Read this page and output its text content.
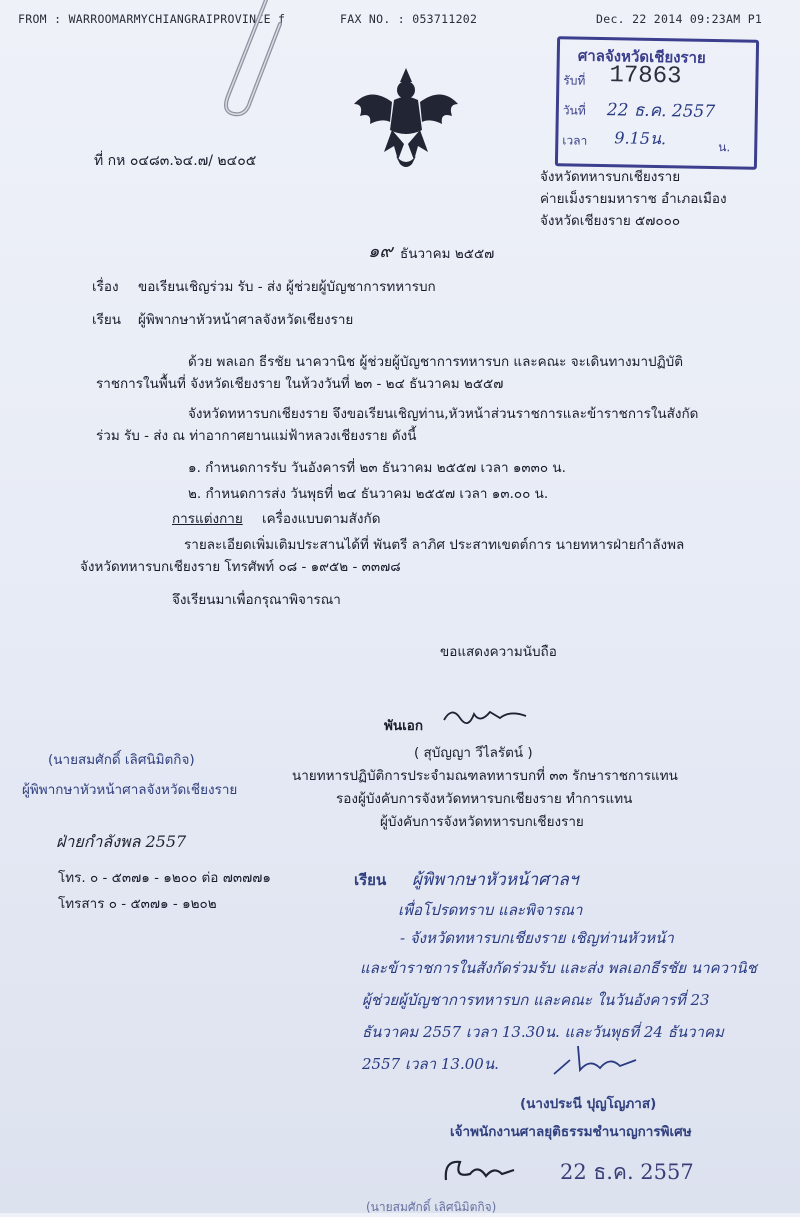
FROM : WARROOMARMYCHIANGRAIPROVINCE f	FAX NO. : 053711202	Dec. 22 2014 09:23AM P1
ศาลจังหวัดเชียงราย
รับที่ 17863
วันที่ 22 ธ.ค. 2557
เวลา 9.15น.	น.
ที่ กห ๐๔๘๓.๖๔.๗/ ๒๔๐๕
จังหวัดทหารบกเชียงราย
ค่ายเม็งรายมหาราช อำเภอเมือง
จังหวัดเชียงราย ๕๗๐๐๐
๑๙ ธันวาคม ๒๕๕๗
เรื่อง ขอเรียนเชิญร่วม รับ - ส่ง ผู้ช่วยผู้บัญชาการทหารบก
เรียน ผู้พิพากษาหัวหน้าศาลจังหวัดเชียงราย
ด้วย พลเอก ธีรชัย นาควานิช ผู้ช่วยผู้บัญชาการทหารบก และคณะ จะเดินทางมาปฏิบัติ
ราชการในพื้นที่ จังหวัดเชียงราย ในห้วงวันที่ ๒๓ - ๒๔ ธันวาคม ๒๕๕๗
จังหวัดทหารบกเชียงราย จึงขอเรียนเชิญท่าน,หัวหน้าส่วนราชการและข้าราชการในสังกัด
ร่วม รับ - ส่ง ณ ท่าอากาศยานแม่ฟ้าหลวงเชียงราย ดังนี้
๑. กำหนดการรับ วันอังคารที่ ๒๓ ธันวาคม ๒๕๕๗ เวลา ๑๓๓๐ น.
๒. กำหนดการส่ง วันพุธที่ ๒๔ ธันวาคม ๒๕๕๗ เวลา ๑๓.๐๐ น.
การแต่งกาย เครื่องแบบตามสังกัด
รายละเอียดเพิ่มเติมประสานได้ที่ พันตรี ลาภิศ ประสาทเขตต์การ นายทหารฝ่ายกำลังพล
จังหวัดทหารบกเชียงราย โทรศัพท์ ๐๘ - ๑๙๕๒ - ๓๓๗๘
จึงเรียนมาเพื่อกรุณาพิจารณา
ขอแสดงความนับถือ
พันเอก
( สุบัญญา วีไลรัตน์ )
นายทหารปฏิบัติการประจำมณฑลทหารบกที่ ๓๓ รักษาราชการแทน
รองผู้บังคับการจังหวัดทหารบกเชียงราย ทำการแทน
ผู้บังคับการจังหวัดทหารบกเชียงราย
(นายสมศักดิ์ เลิศนิมิตกิจ)
ผู้พิพากษาหัวหน้าศาลจังหวัดเชียงราย
ฝ่ายกำลังพล 2557
โทร. ๐ - ๕๓๗๑ - ๑๒๐๐ ต่อ ๗๓๗๗๑
โทรสาร ๐ - ๕๓๗๑ - ๑๒๐๒
เรียน ผู้พิพากษาหัวหน้าศาลฯ
เพื่อโปรดทราบ และพิจารณา
- จังหวัดทหารบกเชียงราย เชิญท่านหัวหน้า
และข้าราชการในสังกัดร่วมรับ และส่ง พลเอกธีรชัย นาควานิช
ผู้ช่วยผู้บัญชาการทหารบก และคณะ ในวันอังคารที่ 23
ธันวาคม 2557 เวลา 13.30น. และวันพุธที่ 24 ธันวาคม
2557 เวลา 13.00น.
(นางประนี ปุญโญภาส)
เจ้าพนักงานศาลยุติธรรมชำนาญการพิเศษ
22 ธ.ค. 2557
(นายสมศักดิ์ เลิศนิมิตกิจ)
